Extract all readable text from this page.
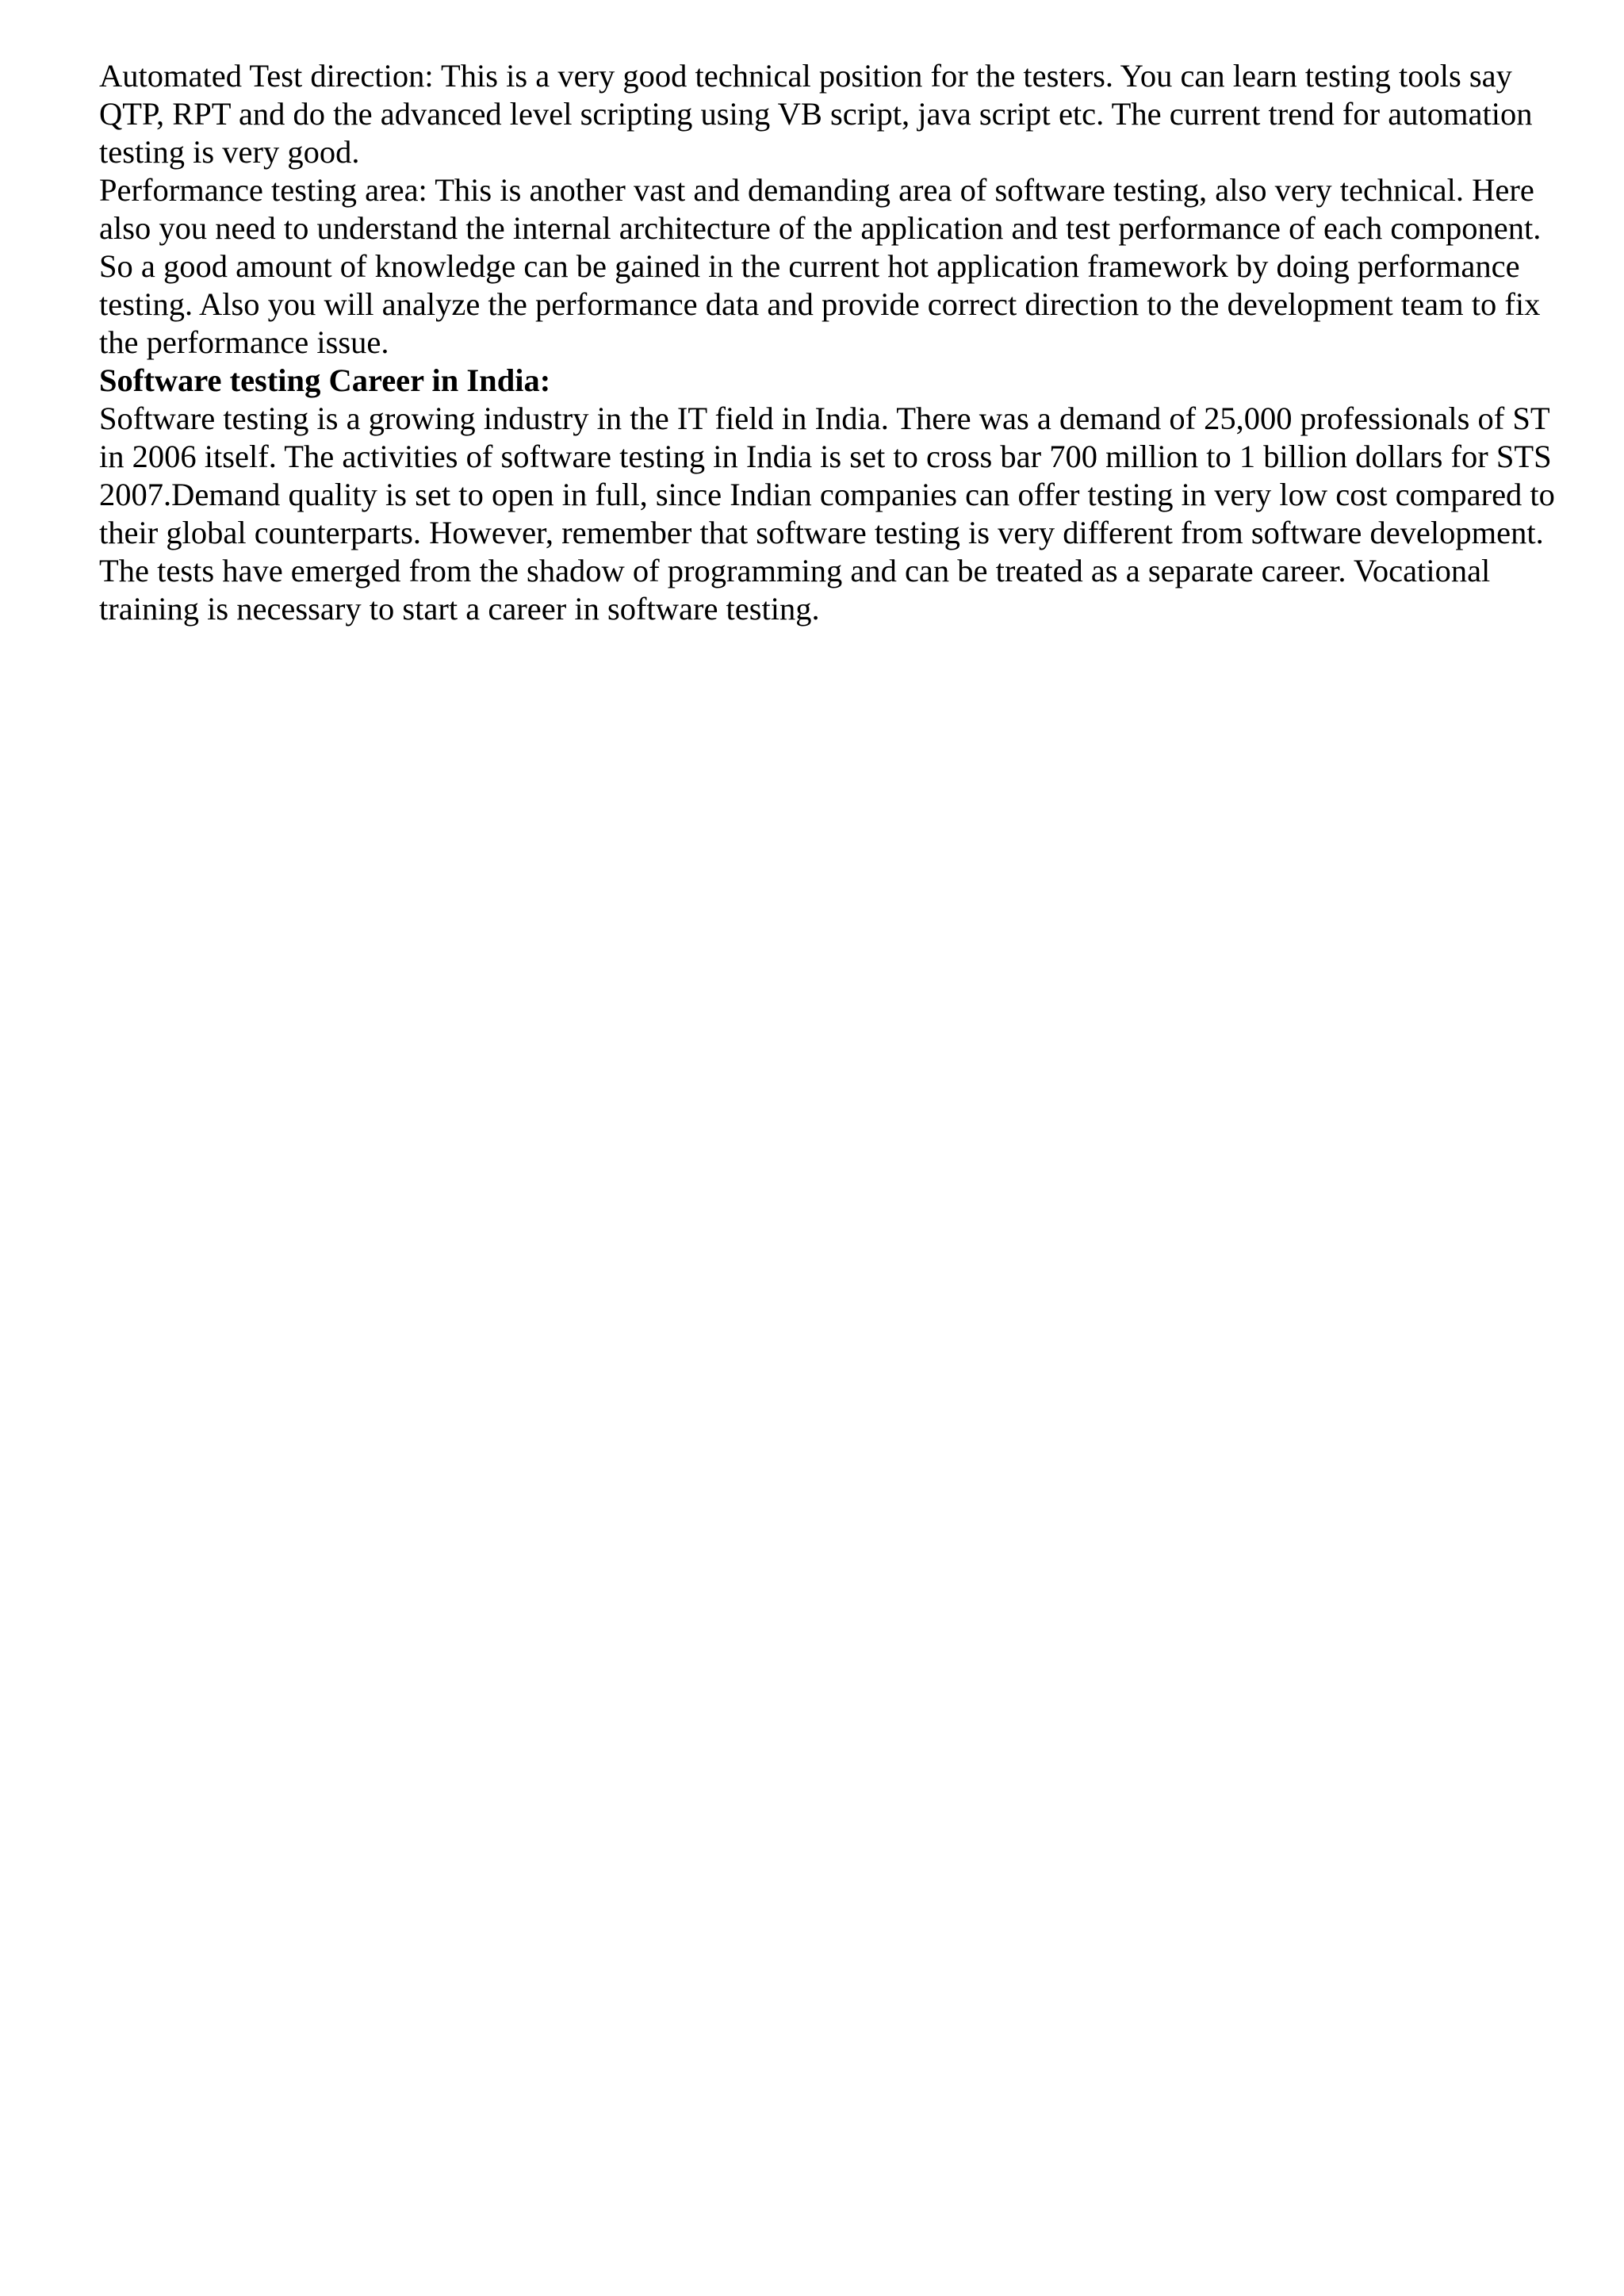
Automated Test direction: This is a very good technical position for the testers. You can learn testing tools say QTP, RPT and do the advanced level scripting using VB script, java script etc. The current trend for automation testing is very good.

Performance testing area: This is another vast and demanding area of software testing, also very technical. Here also you need to understand the internal architecture of the application and test performance of each component. So a good amount of knowledge can be gained in the current hot application framework by doing performance testing. Also you will analyze the performance data and provide correct direction to the development team to fix the performance issue.

Software testing Career in India:

Software testing is a growing industry in the IT field in India. There was a demand of 25,000 professionals of ST in 2006 itself. The activities of software testing in India is set to cross bar 700 million to 1 billion dollars for STS 2007.Demand quality is set to open in full, since Indian companies can offer testing in very low cost compared to their global counterparts. However, remember that software testing is very different from software development. The tests have emerged from the shadow of programming and can be treated as a separate career. Vocational training is necessary to start a career in software testing.
